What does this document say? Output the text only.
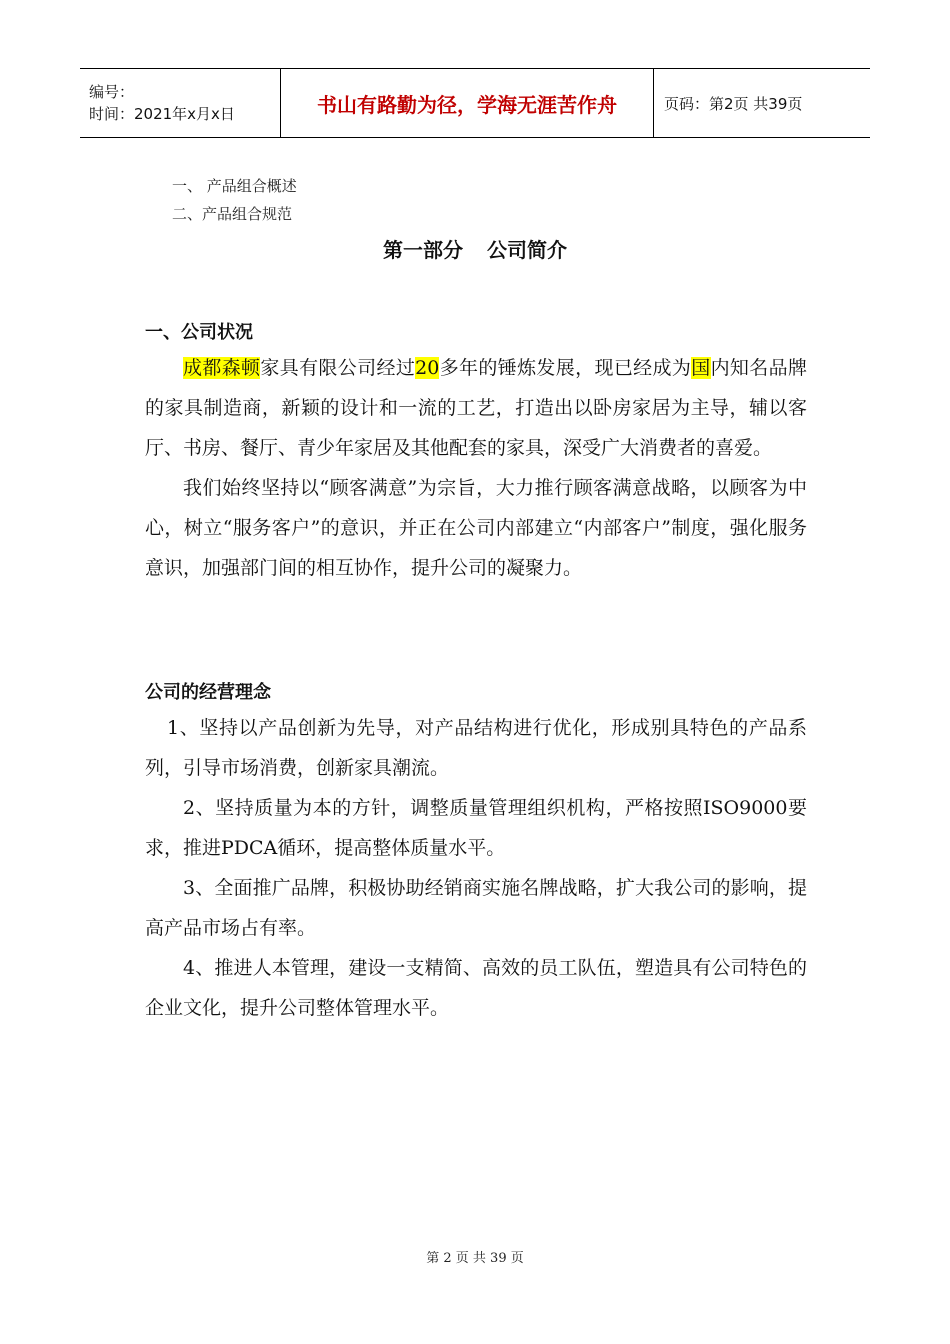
编号：
时间：2021年x月x日	书山有路勤为径，学海无涯苦作舟	页码：第2页 共39页
一、 产品组合概述
二、产品组合规范
第一部分 公司简介
一、公司状况

成都森顿家具有限公司经过20多年的锤炼发展，现已经成为国内知名品牌的家具制造商，新颖的设计和一流的工艺，打造出以卧房家居为主导，辅以客厅、书房、餐厅、青少年家居及其他配套的家具，深受广大消费者的喜爱。

我们始终坚持以“顾客满意”为宗旨，大力推行顾客满意战略，以顾客为中心，树立“服务客户”的意识，并正在公司内部建立“内部客户”制度，强化服务意识，加强部门间的相互协作，提升公司的凝聚力。

公司的经营理念

1、坚持以产品创新为先导，对产品结构进行优化，形成别具特色的产品系列，引导市场消费，创新家具潮流。

2、坚持质量为本的方针，调整质量管理组织机构，严格按照ISO9000要求，推进PDCA循环，提高整体质量水平。

3、全面推广品牌，积极协助经销商实施名牌战略，扩大我公司的影响，提高产品市场占有率。

4、推进人本管理，建设一支精简、高效的员工队伍，塑造具有公司特色的企业文化，提升公司整体管理水平。

第 2 页 共 39 页
